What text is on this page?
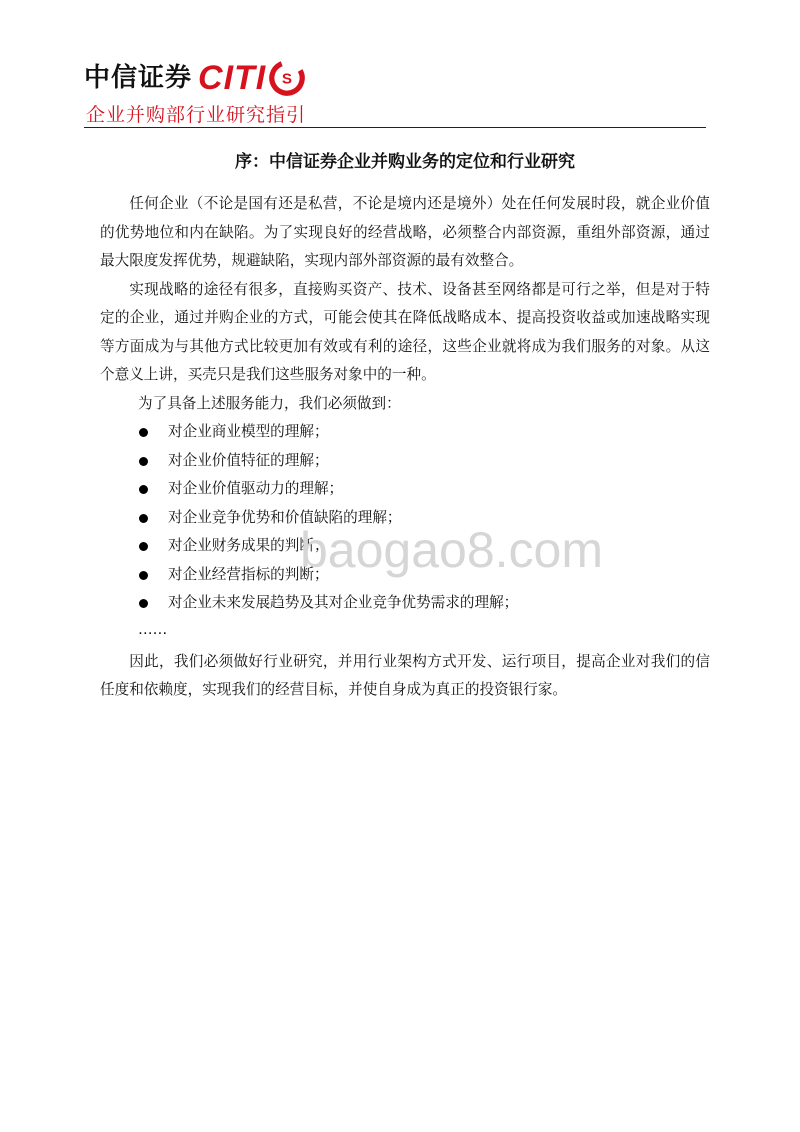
中信证券 CITI S
企业并购部行业研究指引
序：中信证券企业并购业务的定位和行业研究

任何企业（不论是国有还是私营，不论是境内还是境外）处在任何发展时段，就企业价值的优势地位和内在缺陷。为了实现良好的经营战略，必须整合内部资源，重组外部资源，通过最大限度发挥优势，规避缺陷，实现内部外部资源的最有效整合。

实现战略的途径有很多，直接购买资产、技术、设备甚至网络都是可行之举，但是对于特定的企业，通过并购企业的方式，可能会使其在降低战略成本、提高投资收益或加速战略实现等方面成为与其他方式比较更加有效或有利的途径，这些企业就将成为我们服务的对象。从这个意义上讲，买壳只是我们这些服务对象中的一种。

为了具备上述服务能力，我们必须做到：

对企业商业模型的理解；
对企业价值特征的理解；
对企业价值驱动力的理解；
对企业竞争优势和价值缺陷的理解；
对企业财务成果的判断；
对企业经营指标的判断；
对企业未来发展趋势及其对企业竞争优势需求的理解；

……

因此，我们必须做好行业研究，并用行业架构方式开发、运行项目，提高企业对我们的信任度和依赖度，实现我们的经营目标，并使自身成为真正的投资银行家。

baogao8.com
